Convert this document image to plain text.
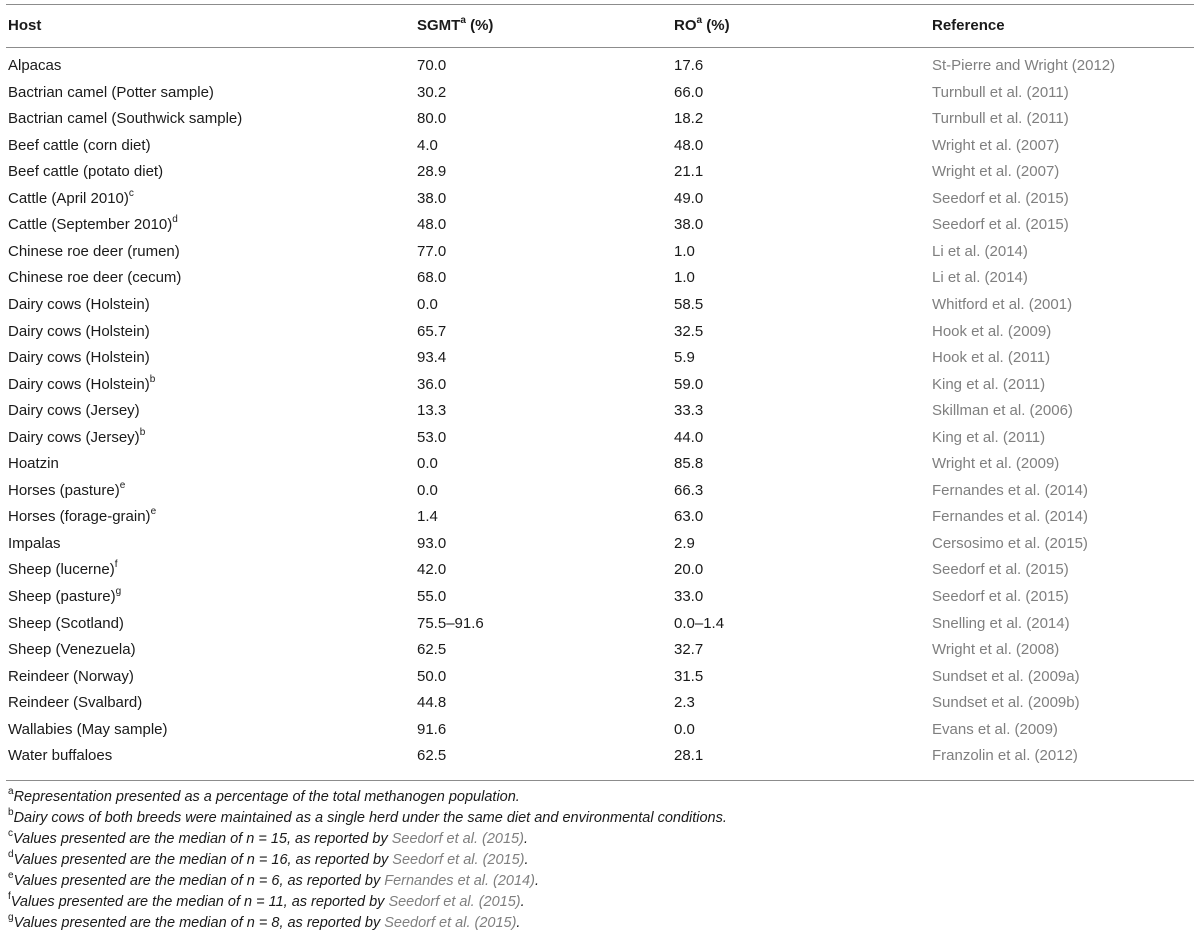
Host	SGMT$^a$ (%)	$RO^a$ (%)	Reference
Alpacas	70.0	17.6	St-Pierre and Wright (2012)
Bactrian camel (Potter sample)	30.2	66.0	Turnbull et al. (2011)
Bactrian camel (Southwick sample)	80.0	18.2	Turnbull et al. (2011)
Beef cattle (corn diet)	4.0	48.0	Wright et al. (2007)
Beef cattle (potato diet)	28.9	21.1	Wright et al. (2007)
Cattle (April 2010)$^c$	38.0	49.0	Seedorf et al. (2015)
Cattle (September 2010)$^d$	48.0	38.0	Seedorf et al. (2015)
Chinese roe deer (rumen)	77.0	1.0	Li et al. (2014)
Chinese roe deer (cecum)	68.0	1.0	Li et al. (2014)
Dairy cows (Holstein)	0.0	58.5	Whitford et al. (2001)
Dairy cows (Holstein)	65.7	32.5	Hook et al. (2009)
Dairy cows (Holstein)	93.4	5.9	Hook et al. (2011)
Dairy cows (Holstein)$^b$	36.0	59.0	King et al. (2011)
Dairy cows (Jersey)	13.3	33.3	Skillman et al. (2006)
Dairy cows (Jersey)$^b$	53.0	44.0	King et al. (2011)
Hoatzin	0.0	85.8	Wright et al. (2009)
Horses (pasture)$^e$	0.0	66.3	Fernandes et al. (2014)
Horses (forage-grain)$^e$	1.4	63.0	Fernandes et al. (2014)
Impalas	93.0	2.9	Cersosimo et al. (2015)
Sheep (lucerne)$^f$	42.0	20.0	Seedorf et al. (2015)
Sheep (pasture)$^g$	55.0	33.0	Seedorf et al. (2015)
Sheep (Scotland)	75.5–91.6	0.0–1.4	Snelling et al. (2014)
Sheep (Venezuela)	62.5	32.7	Wright et al. (2008)
Reindeer (Norway)	50.0	31.5	Sundset et al. (2009a)
Reindeer (Svalbard)	44.8	2.3	Sundset et al. (2009b)
Wallabies (May sample)	91.6	0.0	Evans et al. (2009)
Water buffaloes	62.5	28.1	Franzolin et al. (2012)
$^a$Representation presented as a percentage of the total methanogen population.
$^b$Dairy cows of both breeds were maintained as a single herd under the same diet and environmental conditions.
$^c$Values presented are the median of n = 15, as reported by Seedorf et al. (2015).
$^d$Values presented are the median of n = 16, as reported by Seedorf et al. (2015).
$^e$Values presented are the median of n = 6, as reported by Fernandes et al. (2014).
$^f$Values presented are the median of n = 11, as reported by Seedorf et al. (2015).
$^g$Values presented are the median of n = 8, as reported by Seedorf et al. (2015).
